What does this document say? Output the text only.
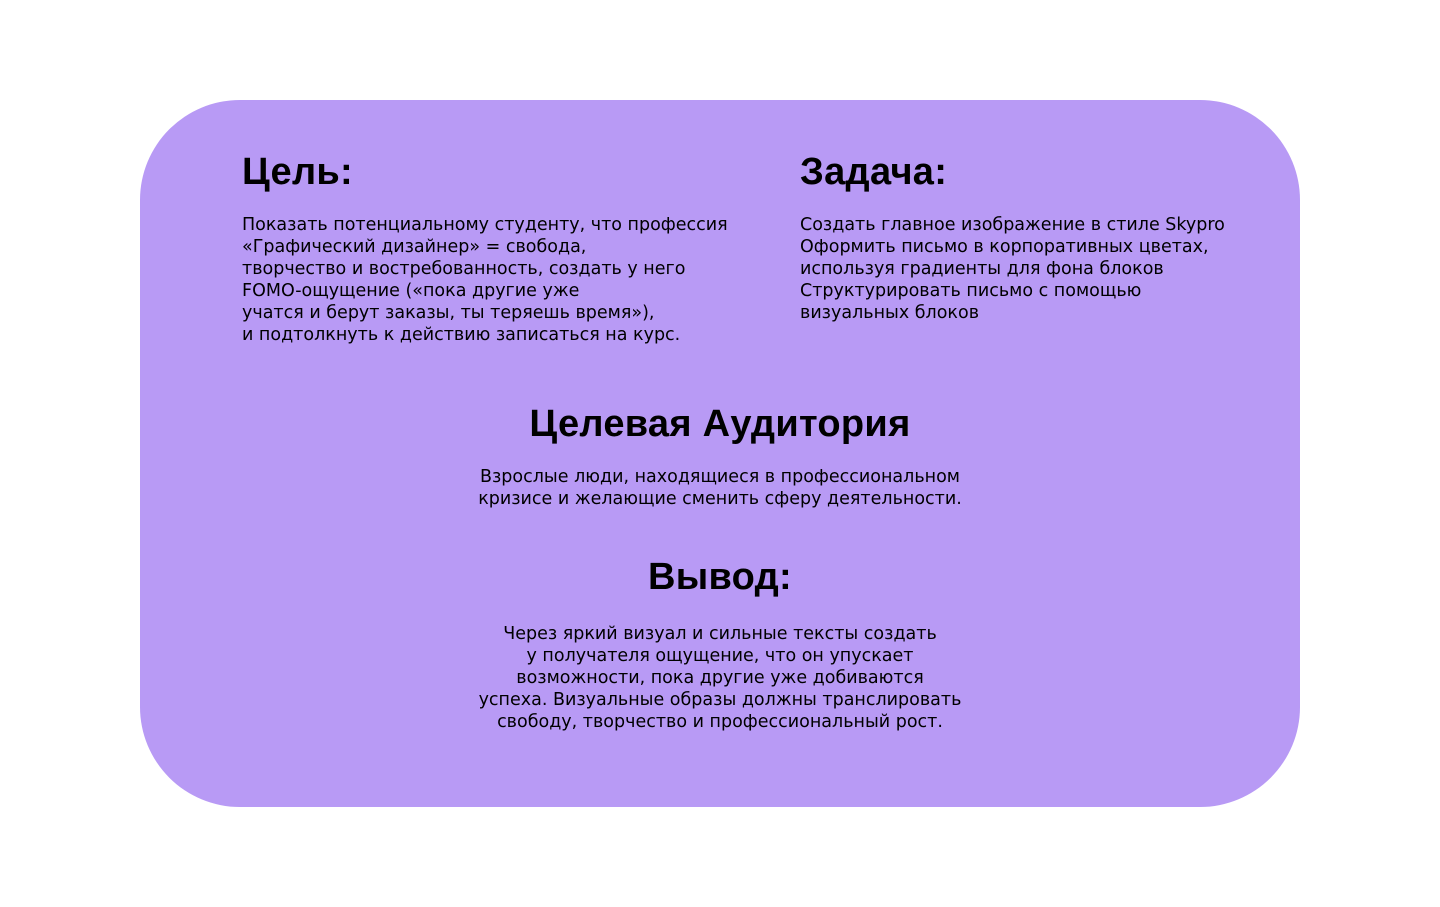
Цель:
Показать потенциальному студенту, что профессия
«Графический дизайнер» = свобода,
творчество и востребованность, создать у него
FOMO-ощущение («пока другие уже
учатся и берут заказы, ты теряешь время»),
и подтолкнуть к действию записаться на курс.
Задача:
Создать главное изображение в стиле Skypro
Оформить письмо в корпоративных цветах,
используя градиенты для фона блоков
Структурировать письмо с помощью
визуальных блоков
Целевая Аудитория
Взрослые люди, находящиеся в профессиональном
кризисе и желающие сменить сферу деятельности.
Вывод:
Через яркий визуал и сильные тексты создать
у получателя ощущение, что он упускает
возможности, пока другие уже добиваются
успеха. Визуальные образы должны транслировать
свободу, творчество и профессиональный рост.
